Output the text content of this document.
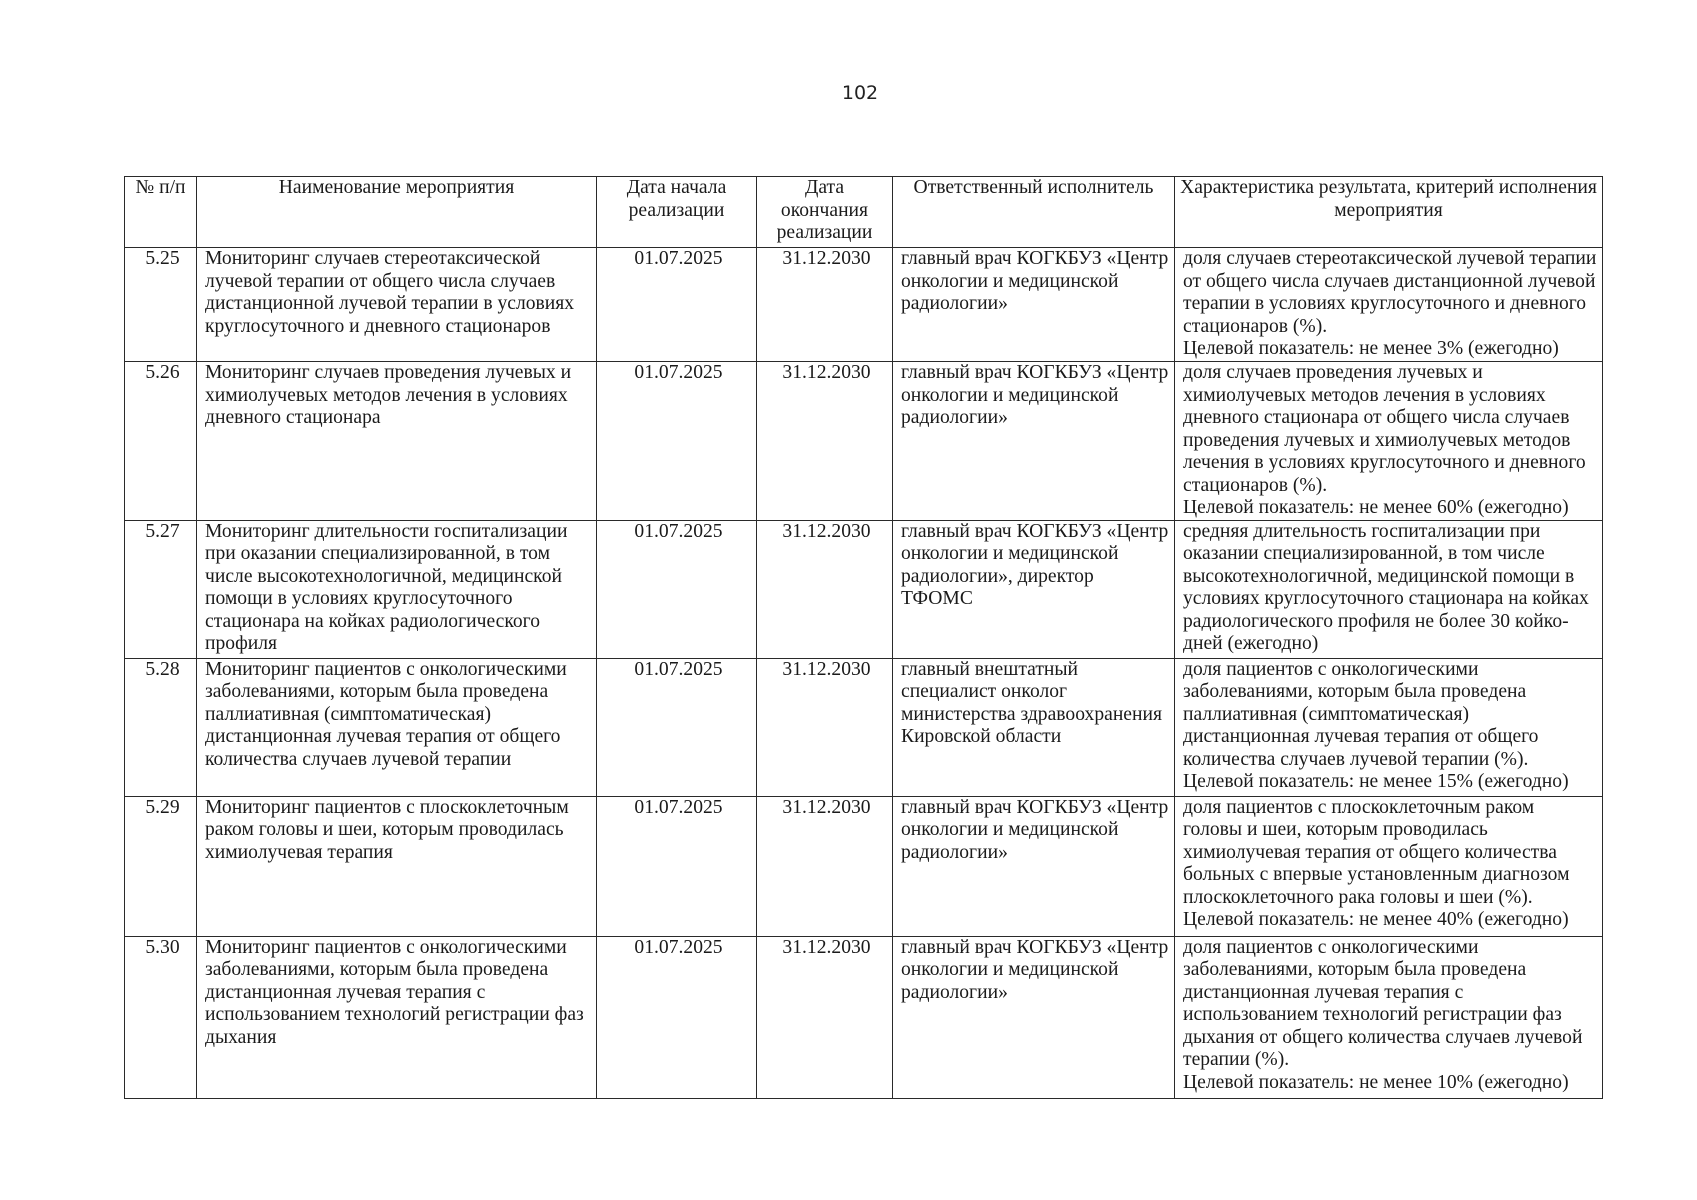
102
№ п/п	Наименование мероприятия	Дата начала реализации	Дата окончания реализации	Ответственный исполнитель	Характеристика результата, критерий исполнения мероприятия
5.25	Мониторинг случаев стереотаксической лучевой терапии от общего числа случаев дистанционной лучевой терапии в условиях круглосуточного и дневного стационаров	01.07.2025	31.12.2030	главный врач КОГКБУЗ «Центр онкологии и медицинской радиологии»	доля случаев стереотаксической лучевой терапии от общего числа случаев дистанционной лучевой терапии в условиях круглосуточного и дневного стационаров (%).
Целевой показатель: не менее 3% (ежегодно)

5.26	Мониторинг случаев проведения лучевых и химиолучевых методов лечения в условиях дневного стационара	01.07.2025	31.12.2030	главный врач КОГКБУЗ «Центр онкологии и медицинской радиологии»	доля случаев проведения лучевых и химиолучевых методов лечения в условиях дневного стационара от общего числа случаев проведения лучевых и химиолучевых методов лечения в условиях круглосуточного и дневного стационаров (%).
Целевой показатель: не менее 60% (ежегодно)

5.27	Мониторинг длительности госпитализации при оказании специализированной, в том числе высокотехнологичной, медицинской помощи в условиях круглосуточного стационара на койках радиологического профиля	01.07.2025	31.12.2030	главный врач КОГКБУЗ «Центр онкологии и медицинской радиологии», директор ТФОМС	средняя длительность госпитализации при оказании специализированной, в том числе высокотехнологичной, медицинской помощи в условиях круглосуточного стационара на койках радиологического профиля не более 30 койко-дней (ежегодно)
5.28	Мониторинг пациентов с онкологическими заболеваниями, которым была проведена паллиативная (симптоматическая) дистанционная лучевая терапия от общего количества случаев лучевой терапии	01.07.2025	31.12.2030	главный внештатный специалист онколог министерства здравоохранения Кировской области	доля пациентов с онкологическими заболеваниями, которым была проведена паллиативная (симптоматическая) дистанционная лучевая терапия от общего количества случаев лучевой терапии (%).
Целевой показатель: не менее 15% (ежегодно)

5.29	Мониторинг пациентов с плоскоклеточным раком головы и шеи, которым проводилась химиолучевая терапия	01.07.2025	31.12.2030	главный врач КОГКБУЗ «Центр онкологии и медицинской радиологии»	доля пациентов с плоскоклеточным раком головы и шеи, которым проводилась химиолучевая терапия от общего количества больных с впервые установленным диагнозом плоскоклеточного рака головы и шеи (%).
Целевой показатель: не менее 40% (ежегодно)

5.30	Мониторинг пациентов с онкологическими заболеваниями, которым была проведена дистанционная лучевая терапия с использованием технологий регистрации фаз дыхания	01.07.2025	31.12.2030	главный врач КОГКБУЗ «Центр онкологии и медицинской радиологии»	доля пациентов с онкологическими заболеваниями, которым была проведена дистанционная лучевая терапия с использованием технологий регистрации фаз дыхания от общего количества случаев лучевой терапии (%).
Целевой показатель: не менее 10% (ежегодно)
